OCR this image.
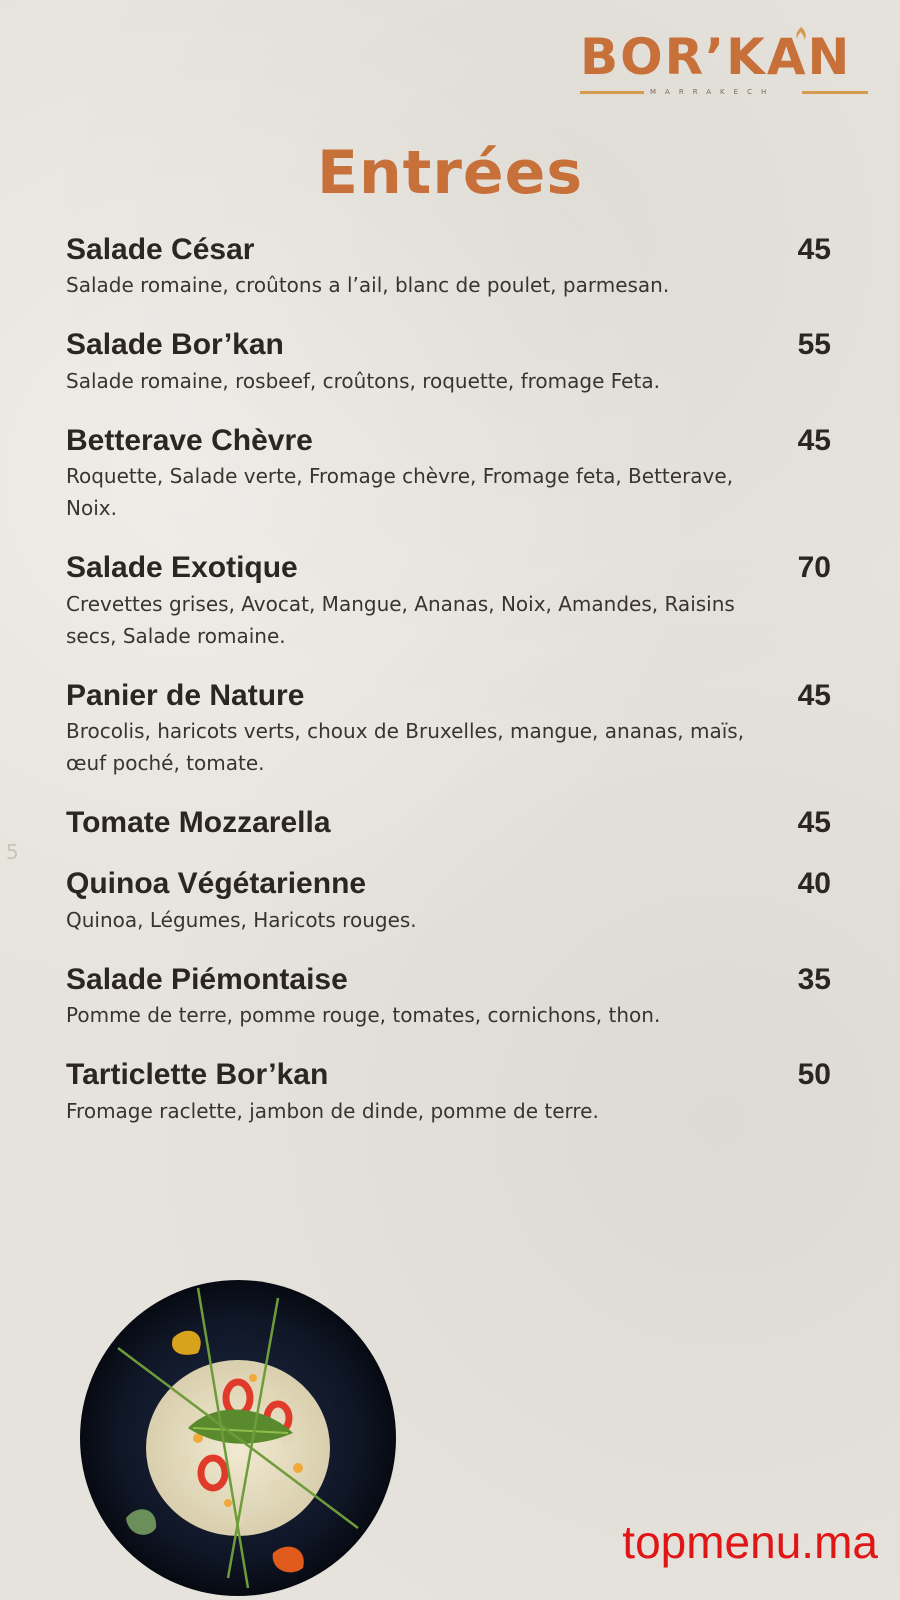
BOR’KAN
MARRAKECH
Entrées
5
Salade César	45
Salade romaine, croûtons a l’ail, blanc de poulet, parmesan.
Salade Bor’kan	55
Salade romaine, rosbeef, croûtons, roquette, fromage Feta.
Betterave Chèvre	45
Roquette, Salade verte, Fromage chèvre, Fromage feta, Betterave, Noix.
Salade Exotique	70
Crevettes grises, Avocat, Mangue, Ananas, Noix, Amandes, Raisins secs, Salade romaine.
Panier de Nature	45
Brocolis, haricots verts, choux de Bruxelles, mangue, ananas, maïs, œuf poché, tomate.
Tomate Mozzarella	45
Quinoa Végétarienne	40
Quinoa, Légumes, Haricots rouges.
Salade Piémontaise	35
Pomme de terre, pomme rouge, tomates, cornichons, thon.
Tarticlette Bor’kan	50
Fromage raclette, jambon de dinde, pomme de terre.
topmenu.ma
